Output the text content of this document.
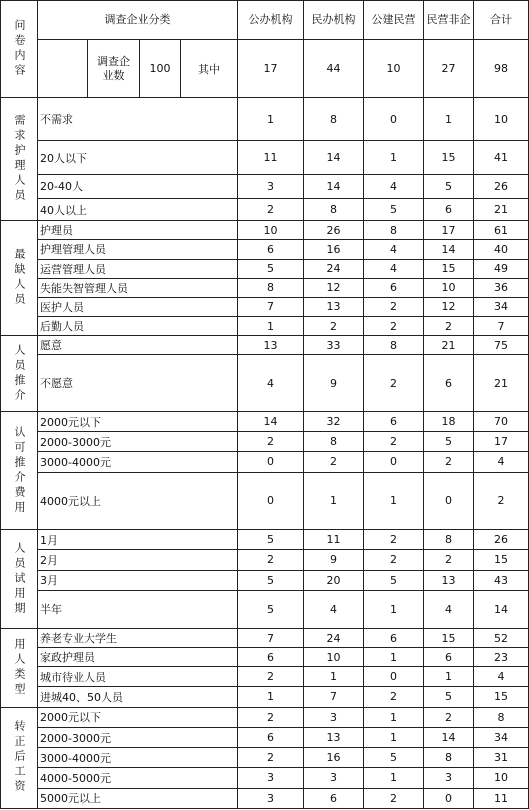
问卷内容	调查企业分类				公办机构	民办机构	公建民营	民营非企	合计	
		调查企业数	100	其中	17	44	10	27	98	
需求护理人员	不需求				1	8	0	1	10	
	20人以下				11	14	1	15	41	
	20-40人				3	14	4	5	26	
	40人以上				2	8	5	6	21	
最缺人员	护理员				10	26	8	17	61	
	护理管理人员				6	16	4	14	40	
	运营管理人员				5	24	4	15	49	
	失能失智管理人员				8	12	6	10	36	
	医护人员				7	13	2	12	34	
	后勤人员				1	2	2	2	7	
人员推介	愿意				13	33	8	21	75	
	不愿意				4	9	2	6	21	
认可推介费用	2000元以下				14	32	6	18	70	
	2000-3000元				2	8	2	5	17	
	3000-4000元				0	2	0	2	4	
	4000元以上				0	1	1	0	2	
人员试用期	1月				5	11	2	8	26	
	2月				2	9	2	2	15	
	3月				5	20	5	13	43	
	半年				5	4	1	4	14	
用人类型	养老专业大学生				7	24	6	15	52	
	家政护理员				6	10	1	6	23	
	城市待业人员				2	1	0	1	4	
	进城40、50人员				1	7	2	5	15	
转正后工资	2000元以下				2	3	1	2	8	
	2000-3000元				6	13	1	14	34	
	3000-4000元				2	16	5	8	31	
	4000-5000元				3	3	1	3	10	
	5000元以上				3	6	2	0	11	
